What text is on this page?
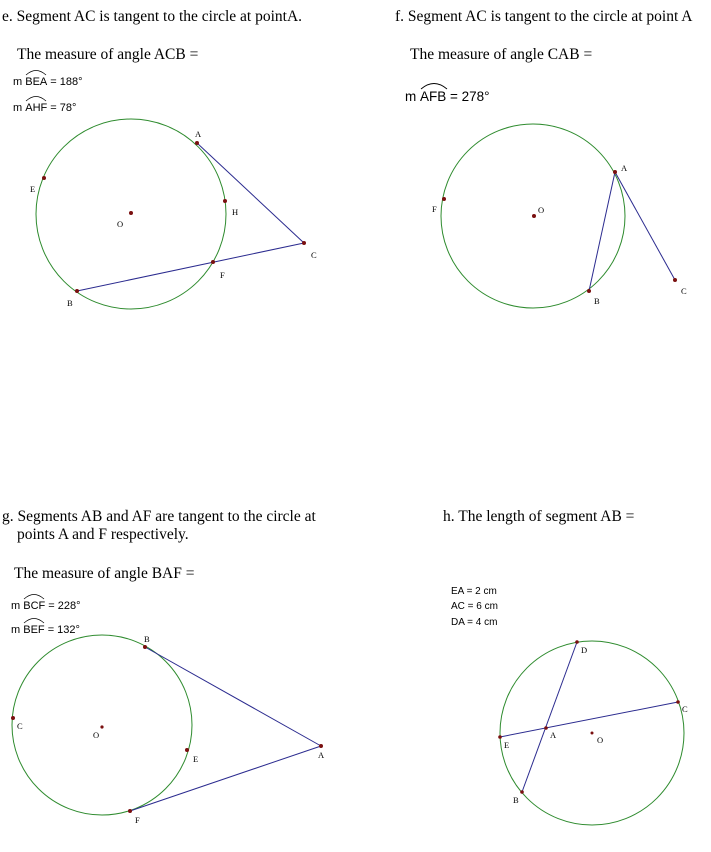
e. Segment AC is tangent to the circle at pointA.
The measure of angle ACB =
m
BEA = 188°
m
AHF = 78°
f. Segment AC is tangent to the circle at point A
The measure of angle CAB =
m
AFB = 278°
g. Segments AB and AF are tangent to the circle at
points A and F respectively.
The measure of angle BAF =
m
BCF = 228°
m
BEF = 132°
h. The length of segment AB =
EA = 2 cm
AC = 6 cm
DA = 4 cm
A
B
C
E
F
H
O
A
B
C
F	O
B
A
F
E
C
O
D
B
E
C
A	O
